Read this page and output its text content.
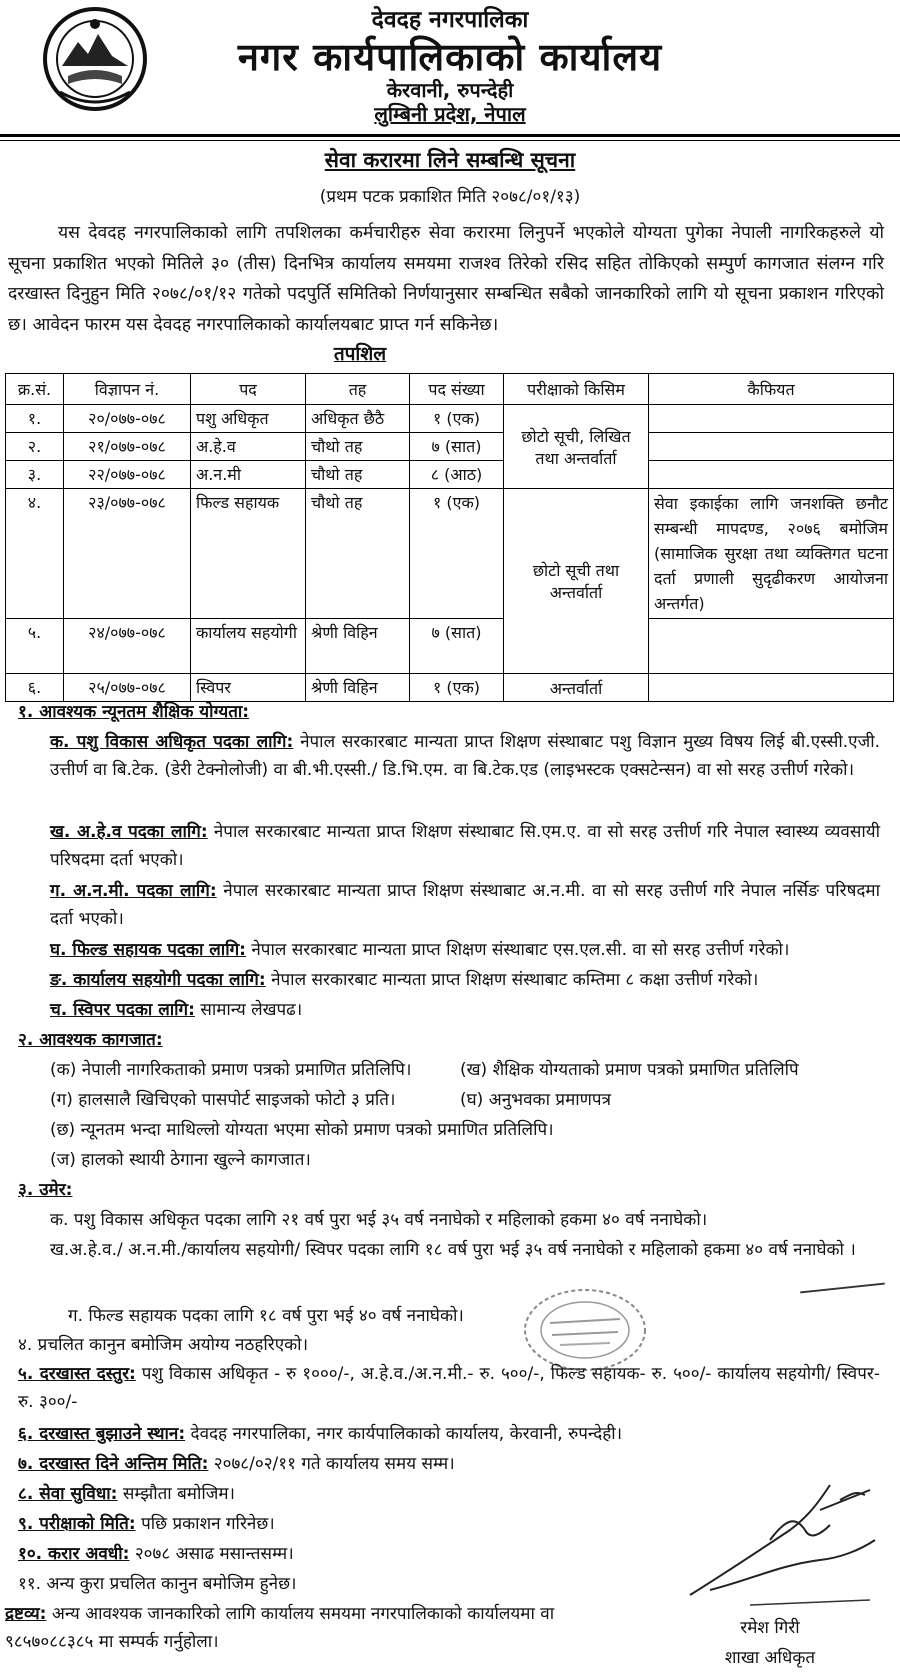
देवदह नगरपालिका
नगर कार्यपालिकाको कार्यालय
केरवानी, रुपन्देही
लुम्बिनी प्रदेश, नेपाल
सेवा करारमा लिने सम्बन्धि सूचना
(प्रथम पटक प्रकाशित मिति २०७८/०१/१३)
यस देवदह नगरपालिकाको लागि तपशिलका कर्मचारीहरु सेवा करारमा लिनुपर्ने भएकोले योग्यता पुगेका नेपाली नागरिकहरुले यो सूचना प्रकाशित भएको मितिले ३० (तीस) दिनभित्र कार्यालय समयमा राजश्व तिरेको रसिद सहित तोकिएको सम्पुर्ण कागजात संलग्न गरि दरखास्त दिनुहुन मिति २०७८/०१/१२ गतेको पदपुर्ति समितिको निर्णयानुसार सम्बन्धित सबैको जानकारिको लागि यो सूचना प्रकाशन गरिएको छ। आवेदन फारम यस देवदह नगरपालिकाको कार्यालयबाट प्राप्त गर्न सकिनेछ।
तपशिल
क्र.सं.	विज्ञापन नं.	पद	तह	पद संख्या	परीक्षाको किसिम	कैफियत
१.	२०/०७७-०७८	पशु अधिकृत	अधिकृत छैठै	१ (एक)	छोटो सूची, लिखित तथा अन्तर्वार्ता	
२.	२१/०७७-०७८	अ.हे.व	चौथो तह	७ (सात)		
३.	२२/०७७-०७८	अ.न.मी	चौथो तह	८ (आठ)		
४.	२३/०७७-०७८	फिल्ड सहायक	चौथो तह	१ (एक)	छोटो सूची तथा अन्तर्वार्ता	सेवा इकाईका लागि जनशक्ति छनौट सम्बन्धी मापदण्ड, २०७६ बमोजिम (सामाजिक सुरक्षा तथा व्यक्तिगत घटना दर्ता प्रणाली सुदृढीकरण आयोजना अन्तर्गत)
५.	२४/०७७-०७८	कार्यालय सहयोगी	श्रेणी विहिन	७ (सात)		
६.	२५/०७७-०७८	स्विपर	श्रेणी विहिन	१ (एक)	अन्तर्वार्ता	
१. आवश्यक न्यूनतम शैक्षिक योग्यता:
क. पशु विकास अधिकृत पदका लागि: नेपाल सरकारबाट मान्यता प्राप्त शिक्षण संस्थाबाट पशु विज्ञान मुख्य विषय लिई बी.एस्सी.एजी. उत्तीर्ण वा बि.टेक. (डेरी टेक्नोलोजी) वा बी.भी.एस्सी./ डि.भि.एम. वा बि.टेक.एड (लाइभस्टक एक्सटेन्सन) वा सो सरह उत्तीर्ण गरेको।
ख. अ.हे.व पदका लागि: नेपाल सरकारबाट मान्यता प्राप्त शिक्षण संस्थाबाट सि.एम.ए. वा सो सरह उत्तीर्ण गरि नेपाल स्वास्थ्य व्यवसायी परिषदमा दर्ता भएको।
ग. अ.न.मी. पदका लागि: नेपाल सरकारबाट मान्यता प्राप्त शिक्षण संस्थाबाट अ.न.मी. वा सो सरह उत्तीर्ण गरि नेपाल नर्सिङ परिषदमा दर्ता भएको।
घ. फिल्ड सहायक पदका लागि: नेपाल सरकारबाट मान्यता प्राप्त शिक्षण संस्थाबाट एस.एल.सी. वा सो सरह उत्तीर्ण गरेको।
ङ. कार्यालय सहयोगी पदका लागि: नेपाल सरकारबाट मान्यता प्राप्त शिक्षण संस्थाबाट कम्तिमा ८ कक्षा उत्तीर्ण गरेको।
च. स्विपर पदका लागि: सामान्य लेखपढ।
२. आवश्यक कागजात:
(क) नेपाली नागरिकताको प्रमाण पत्रको प्रमाणित प्रतिलिपि।	(ख) शैक्षिक योग्यताको प्रमाण पत्रको प्रमाणित प्रतिलिपि
(ग) हालसालै खिचिएको पासपोर्ट साइजको फोटो ३ प्रति।	(घ) अनुभवका प्रमाणपत्र
(छ) न्यूनतम भन्दा माथिल्लो योग्यता भएमा सोको प्रमाण पत्रको प्रमाणित प्रतिलिपि।
(ज) हालको स्थायी ठेगाना खुल्ने कागजात।
३. उमेर:
क. पशु विकास अधिकृत पदका लागि २१ वर्ष पुरा भई ३५ वर्ष ननाघेको र महिलाको हकमा ४० वर्ष ननाघेको।
ख.अ.हे.व./ अ.न.मी./कार्यालय सहयोगी/ स्विपर पदका लागि १८ वर्ष पुरा भई ३५ वर्ष ननाघेको र महिलाको हकमा ४० वर्ष ननाघेको ।
ग. फिल्ड सहायक पदका लागि १८ वर्ष पुरा भई ४० वर्ष ननाघेको।
४. प्रचलित कानुन बमोजिम अयोग्य नठहरिएको।
५. दरखास्त दस्तुर: पशु विकास अधिकृत - रु १०००/-, अ.हे.व./अ.न.मी.- रु. ५००/-, फिल्ड सहायक- रु. ५००/- कार्यालय सहयोगी/ स्विपर- रु. ३००/-
६. दरखास्त बुझाउने स्थान: देवदह नगरपालिका, नगर कार्यपालिकाको कार्यालय, केरवानी, रुपन्देही।
७. दरखास्त दिने अन्तिम मिति: २०७८/०२/११ गते कार्यालय समय सम्म।
८. सेवा सुविधा: सम्झौता बमोजिम।
९. परीक्षाको मिति: पछि प्रकाशन गरिनेछ।
१०. करार अवधी: २०७८ असाढ मसान्तसम्म।
११. अन्य कुरा प्रचलित कानुन बमोजिम हुनेछ।
द्रष्टव्य: अन्य आवश्यक जानकारिको लागि कार्यालय समयमा नगरपालिकाको कार्यालयमा वा ९८५७०८८३८५ मा सम्पर्क गर्नुहोला।
रमेश गिरी
शाखा अधिकृत
